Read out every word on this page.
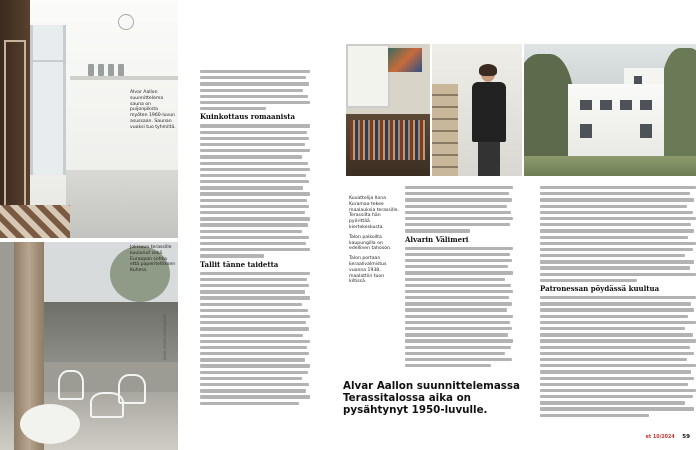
Alvar Aallon suunnittelema sauna on puijonpiksta myöten 1960-luvun asussaan. Saunan vuoksi tuo tyhmiltä.
Jokisuun terassille kuulunut sekä Euraopan sohka että paperiteltiksen Kuhma.
KUVA: RIIKKA KANTINKOSKI
Kuinkottaus romaanista
Tallit tänne taidetta
Kuvattelija Ilona Kuramaa tekee maalauksia terassille. Terassilta hän pyörittää kiertokeskusta.
Talon paikoilta kaupungilla on edellinen tahoson.
Talon portaan keraalivalmistus vuonna 1938, maalattiin tuon kiltissä.
Alvarin Välimeri
Alvar Aallon suunnittelemassa Terassitalossa aika on pysähtynyt 1950-luvulle.
Patronessan pöydässä kuultua
et 10/2024 59
